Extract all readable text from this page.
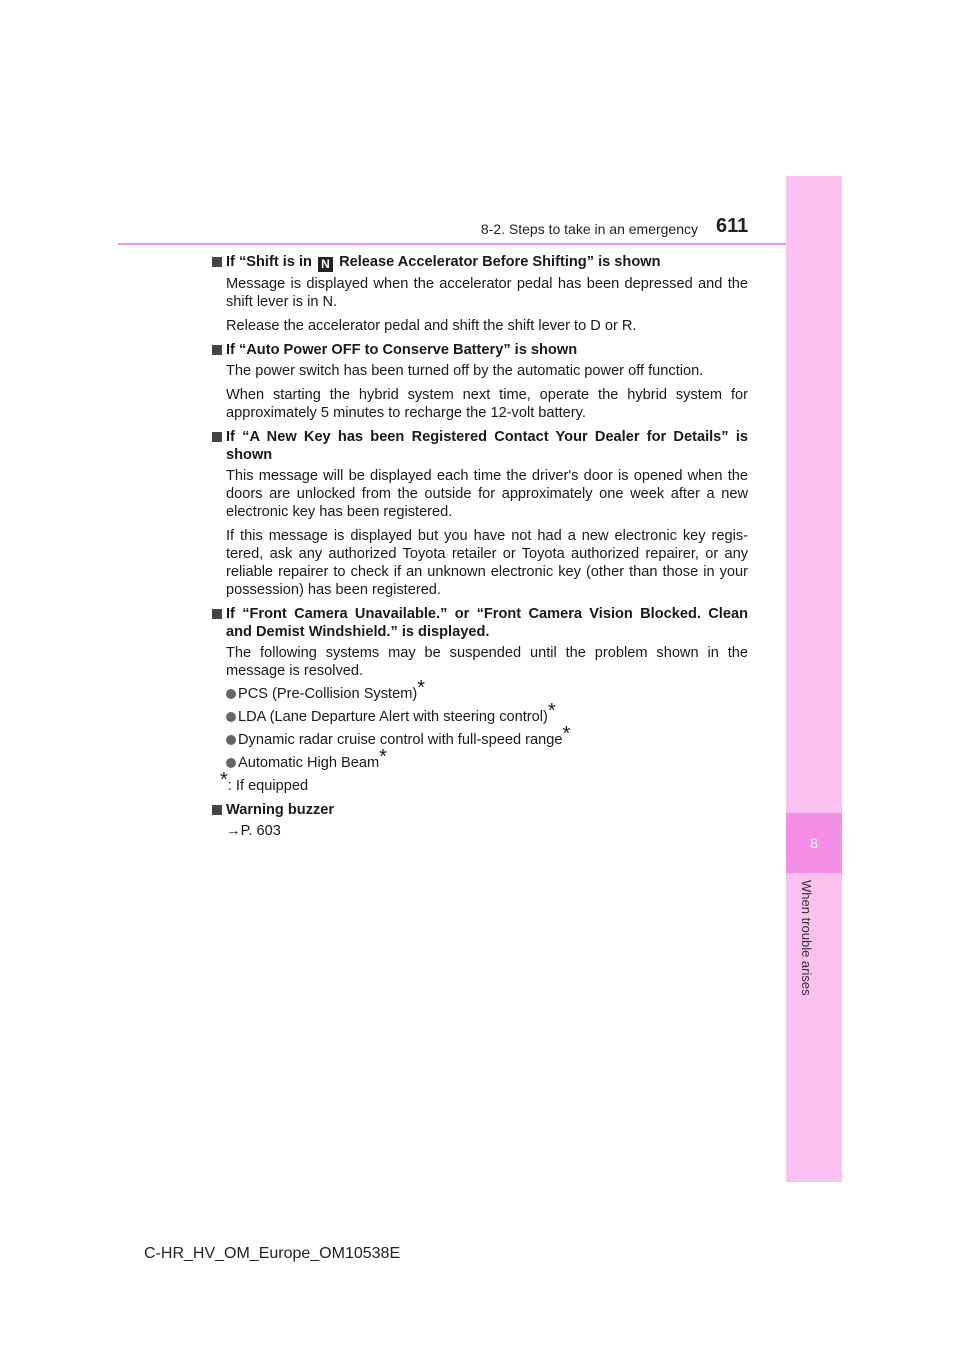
8
When trouble arises
8-2. Steps to take in an emergency 611
If “Shift is in N Release Accelerator Before Shifting” is shown
Message is displayed when the accelerator pedal has been depressed and the shift lever is in N.
Release the accelerator pedal and shift the shift lever to D or R.
If “Auto Power OFF to Conserve Battery” is shown
The power switch has been turned off by the automatic power off function.
When starting the hybrid system next time, operate the hybrid system for approximately 5 minutes to recharge the 12-volt battery.
If “A New Key has been Registered Contact Your Dealer for Details” is shown
This message will be displayed each time the driver's door is opened when the doors are unlocked from the outside for approximately one week after a new electronic key has been registered.
If this message is displayed but you have not had a new electronic key regis-tered, ask any authorized Toyota retailer or Toyota authorized repairer, or any reliable repairer to check if an unknown electronic key (other than those in your possession) has been registered.
If “Front Camera Unavailable.” or “Front Camera Vision Blocked. Clean and Demist Windshield.” is displayed.
The following systems may be suspended until the problem shown in the message is resolved.
PCS (Pre-Collision System)*
LDA (Lane Departure Alert with steering control)*
Dynamic radar cruise control with full-speed range*
Automatic High Beam*
*: If equipped
Warning buzzer
→P. 603
C-HR_HV_OM_Europe_OM10538E
